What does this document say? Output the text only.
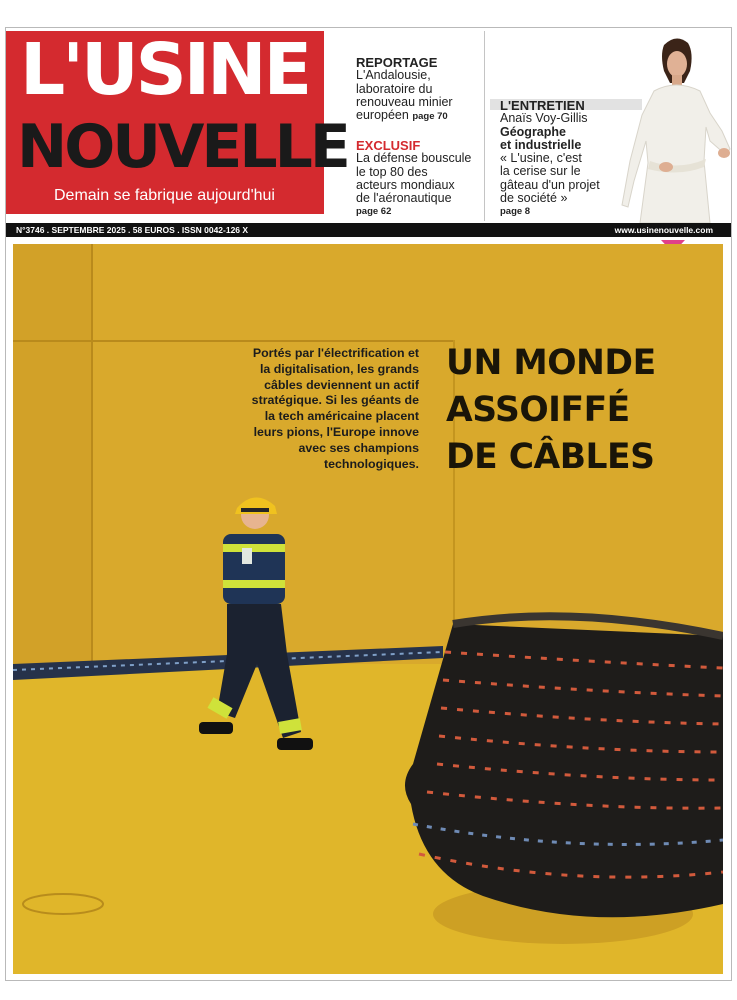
L'USINE
NOUVELLE
Demain se fabrique aujourd'hui
REPORTAGE
L'Andalousie,
laboratoire du
renouveau minier
européen page 70
EXCLUSIF
La défense bouscule
le top 80 des
acteurs mondiaux
de l'aéronautique
page 62
L'ENTRETIEN
Anaïs Voy-Gillis
Géographe
et industrielle
« L'usine, c'est
la cerise sur le
gâteau d'un projet
de société »
page 8
N°3746 . SEPTEMBRE 2025 . 58 EUROS . ISSN 0042-126 X	www.usinenouvelle.com
Portés par l'électrification et
la digitalisation, les grands
câbles deviennent un actif
stratégique. Si les géants de
la tech américaine placent
leurs pions, l'Europe innove
avec ses champions
technologiques.
UN MONDE
ASSOIFFÉ
DE CÂBLES
